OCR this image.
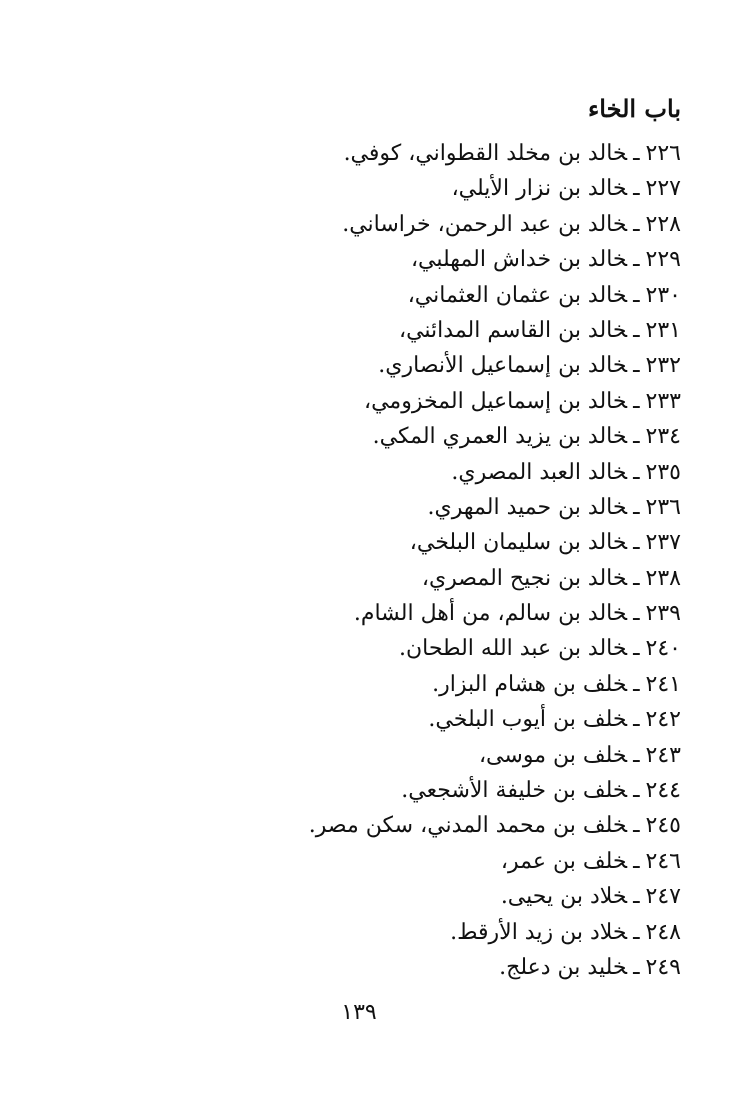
باب الخاء
٢٢٦ـخالد بن مخلد القطواني، كوفي.
٢٢٧ـخالد بن نزار الأيلي،
٢٢٨ـخالد بن عبد الرحمن، خراساني.
٢٢٩ـخالد بن خداش المهلبي،
٢٣٠ـخالد بن عثمان العثماني،
٢٣١ـخالد بن القاسم المدائني،
٢٣٢ـخالد بن إسماعيل الأنصاري.
٢٣٣ـخالد بن إسماعيل المخزومي،
٢٣٤ـخالد بن يزيد العمري المكي.
٢٣٥ـخالد العبد المصري.
٢٣٦ـخالد بن حميد المهري.
٢٣٧ـخالد بن سليمان البلخي،
٢٣٨ـخالد بن نجيح المصري،
٢٣٩ـخالد بن سالم، من أهل الشام.
٢٤٠ـخالد بن عبد الله الطحان.
٢٤١ـخلف بن هشام البزار.
٢٤٢ـخلف بن أيوب البلخي.
٢٤٣ـخلف بن موسى،
٢٤٤ـخلف بن خليفة الأشجعي.
٢٤٥ـخلف بن محمد المدني، سكن مصر.
٢٤٦ـخلف بن عمر،
٢٤٧ـخلاد بن يحيى.
٢٤٨ـخلاد بن زيد الأرقط.
٢٤٩ـخليد بن دعلج.
١٣٩
